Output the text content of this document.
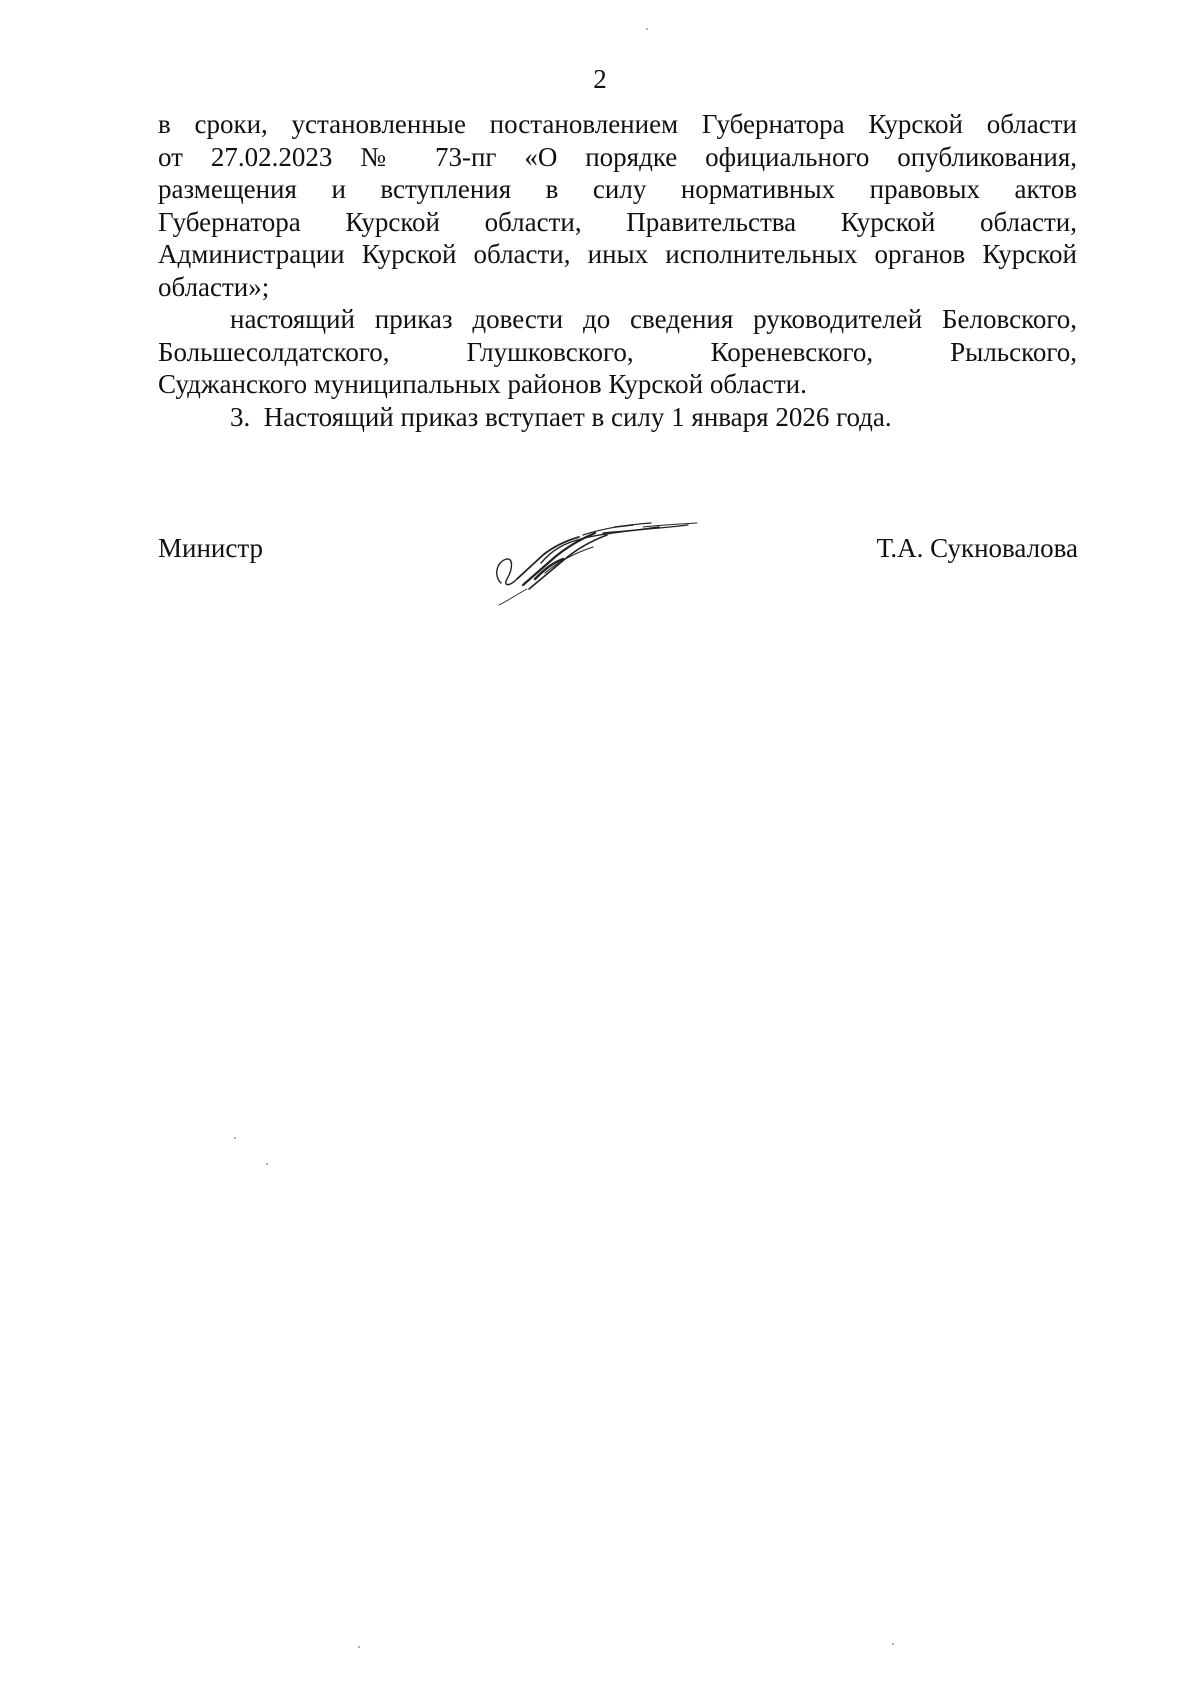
2
в сроки, установленные постановлением Губернатора Курской области
от 27.02.2023 № 73-пг «О порядке официального опубликования,
размещения и вступления в силу нормативных правовых актов
Губернатора Курской области, Правительства Курской области,
Администрации Курской области, иных исполнительных органов Курской
области»;
настоящий приказ довести до сведения руководителей Беловского,
Большесолдатского, Глушковского, Кореневского, Рыльского,
Суджанского муниципальных районов Курской области.
3.  Настоящий приказ вступает в силу 1 января 2026 года.
Министр	Т.А. Сукновалова
